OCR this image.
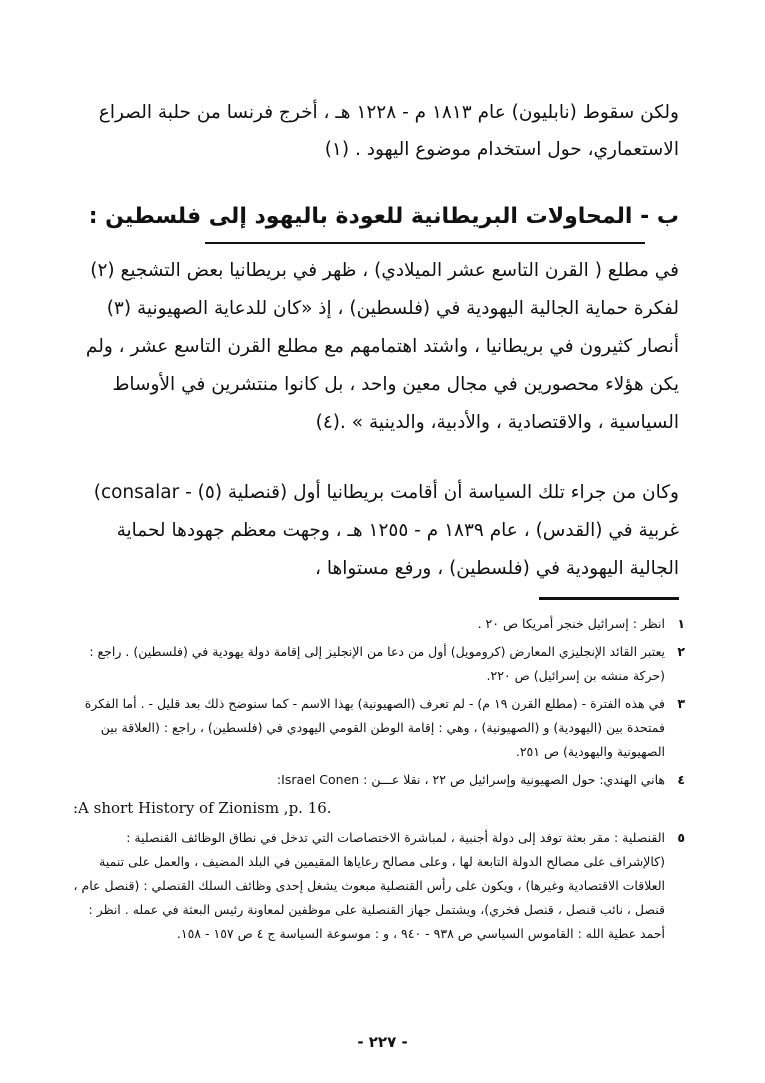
ولكن سقوط (نابليون) عام ١٨١٣ م - ١٢٢٨ هـ ، أخرج فرنسا من حلبة الصراع الاستعماري، حول استخدام موضوع اليهود . (١)

ب - المحاولات البريطانية للعودة باليهود إلى فلسطين :

في مطلع ( القرن التاسع عشر الميلادي) ، ظهر في بريطانيا بعض التشجيع (٢) لفكرة حماية الجالية اليهودية في (فلسطين) ، إذ «كان للدعاية الصهيونية (٣) أنصار كثيرون في بريطانيا ، واشتد اهتمامهم مع مطلع القرن التاسع عشر ، ولم يكن هؤلاء محصورين في مجال معين واحد ، بل كانوا منتشرين في الأوساط السياسية ، والاقتصادية ، والأدبية، والدينية » .(٤)

وكان من جراء تلك السياسة أن أقامت بريطانيا أول (قنصلية (٥) - consalar) غربية في (القدس) ، عام ١٨٣٩ م - ١٢٥٥ هـ ، وجهت معظم جهودها لحماية الجالية اليهودية في (فلسطين) ، ورفع مستواها ،

١
انظر : إسرائيل خنجر أمريكا ص ٢٠ .
٢
يعتبر القائد الإنجليزي المعارض (كرومويل) أول من دعا من الإنجليز إلى إقامة دولة يهودية في (فلسطين) . راجع : (حركة منشه بن إسرائيل) ص ٢٢٠.
٣
في هذه الفترة - (مطلع القرن ١٩ م) - لم تعرف (الصهيونية) بهذا الاسم - كما سنوضح ذلك بعد قليل - . أما الفكرة فمتحدة بين (اليهودية) و (الصهيونية) ، وهي : إقامة الوطن القومي اليهودي في (فلسطين) ، راجع : (العلاقة بين الصهيونية واليهودية) ص ٢٥١.
٤
هاني الهندي: حول الصهيونية وإسرائيل ص ٢٢ ، نقلا عـــن : Israel Conen:
:A short History of Zionism ,p. 16.
٥
القنصلية : مقر بعثة توفد إلى دولة أجنبية ، لمباشرة الاختصاصات التي تدخل في نطاق الوظائف القنصلية : (كالإشراف على مصالح الدولة التابعة لها ، وعلى مصالح رعاياها المقيمين في البلد المضيف ، والعمل على تنمية العلاقات الاقتصادية وغيرها) ، ويكون على رأس القنصلية مبعوث يشغل إحدى وظائف السلك القنصلي : (قنصل عام ، قنصل ، نائب قنصل ، قنصل فخري)، ويشتمل جهاز القنصلية على موظفين لمعاونة رئيس البعثة في عمله . انظر : أحمد عطية الله : القاموس السياسي ص ٩٣٨ - ٩٤٠ ، و : موسوعة السياسة ج ٤ ص ١٥٧ - ١٥٨.
- ٢٢٧ -
